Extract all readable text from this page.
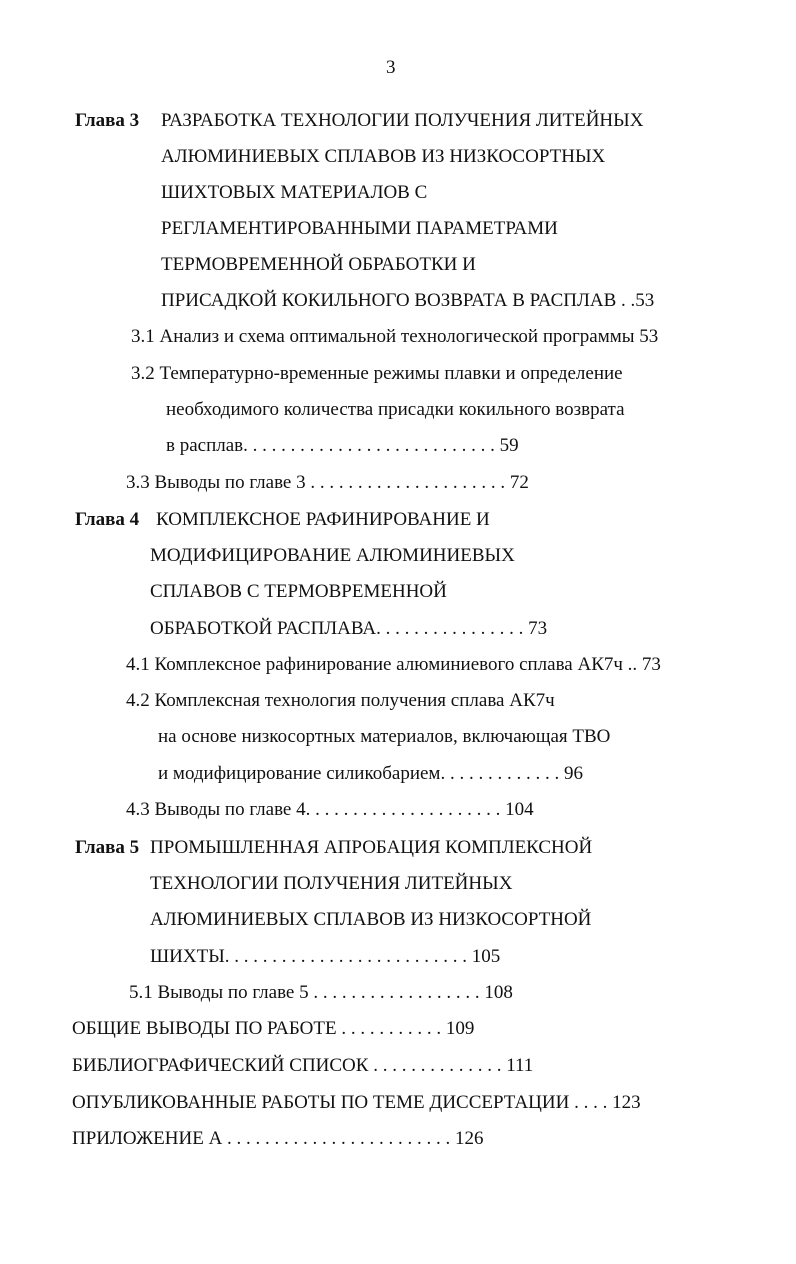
3
Глава 3 РАЗРАБОТКА ТЕХНОЛОГИИ ПОЛУЧЕНИЯ ЛИТЕЙНЫХ
АЛЮМИНИЕВЫХ СПЛАВОВ ИЗ НИЗКОСОРТНЫХ
ШИХТОВЫХ МАТЕРИАЛОВ С
РЕГЛАМЕНТИРОВАННЫМИ ПАРАМЕТРАМИ
ТЕРМОВРЕМЕННОЙ ОБРАБОТКИ И
ПРИСАДКОЙ КОКИЛЬНОГО ВОЗВРАТА В РАСПЛАВ . .53
3.1 Анализ и схема оптимальной технологической программы 53
3.2 Температурно-временные режимы плавки и определение
необходимого количества присадки кокильного возврата
в расплав. . . . . . . . . . . . . . . . . . . . . . . . . . . 59
3.3 Выводы по главе 3 . . . . . . . . . . . . . . . . . . . . . 72
Глава 4 КОМПЛЕКСНОЕ РАФИНИРОВАНИЕ И
МОДИФИЦИРОВАНИЕ АЛЮМИНИЕВЫХ
СПЛАВОВ С ТЕРМОВРЕМЕННОЙ
ОБРАБОТКОЙ РАСПЛАВА. . . . . . . . . . . . . . . . 73
4.1 Комплексное рафинирование алюминиевого сплава АК7ч .. 73
4.2 Комплексная технология получения сплава АК7ч
на основе низкосортных материалов, включающая ТВО
и модифицирование силикобарием. . . . . . . . . . . . . 96
4.3 Выводы по главе 4. . . . . . . . . . . . . . . . . . . . . 104
Глава 5 ПРОМЫШЛЕННАЯ АПРОБАЦИЯ КОМПЛЕКСНОЙ
ТЕХНОЛОГИИ ПОЛУЧЕНИЯ ЛИТЕЙНЫХ
АЛЮМИНИЕВЫХ СПЛАВОВ ИЗ НИЗКОСОРТНОЙ
ШИХТЫ. . . . . . . . . . . . . . . . . . . . . . . . . . 105
5.1 Выводы по главе 5 . . . . . . . . . . . . . . . . . . 108
ОБЩИЕ ВЫВОДЫ ПО РАБОТЕ . . . . . . . . . . . 109
БИБЛИОГРАФИЧЕСКИЙ СПИСОК . . . . . . . . . . . . . . 111
ОПУБЛИКОВАННЫЕ РАБОТЫ ПО ТЕМЕ ДИССЕРТАЦИИ . . . . 123
ПРИЛОЖЕНИЕ А . . . . . . . . . . . . . . . . . . . . . . . . 126
